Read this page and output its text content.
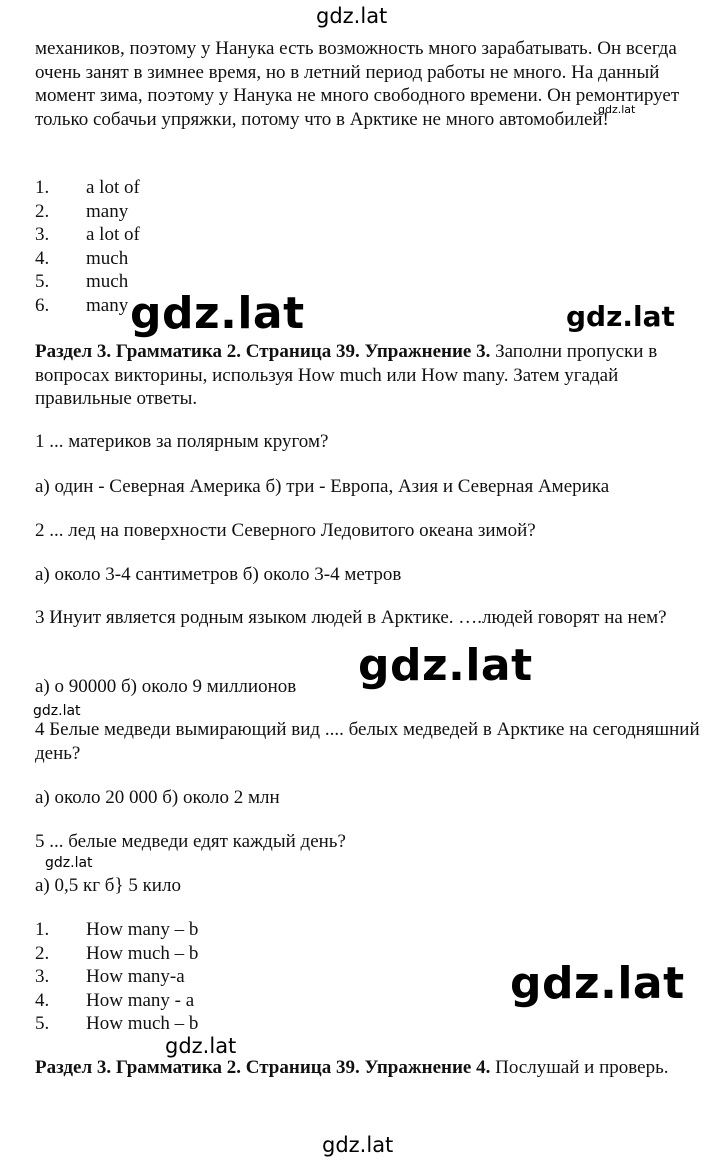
gdz.lat

механиков, поэтому у Нанука есть возможность много зарабатывать. Он всегда очень занят в зимнее время, но в летний период работы не много. На данный момент зима, поэтому у Нанука не много свободного времени. Он ремонтирует только собачьи упряжки, потому что в Арктике не много автомобилей!

gdz.lat
1.	a lot of
2.	many
3.	a lot of
4.	much
5.	much
6.	many gdz.lat	gdz.lat

Раздел 3. Грамматика 2. Страница 39. Упражнение 3. Заполни пропуски в вопросах викторины, используя How much или How many. Затем угадай правильные ответы.

1 ... материков за полярным кругом?

а) один - Северная Америка б) три - Европа, Азия и Северная Америка

2 ... лед на поверхности Северного Ледовитого океана зимой?

а) около 3-4 сантиметров б) около 3-4 метров

3 Инуит является родным языком людей в Арктике. ….людей говорят на нем?

а) о 90000 б) около 9 миллионов	gdz.lat
gdz.lat

4 Белые медведи вымирающий вид .... белых медведей в Арктике на сегодняшний день?

а) около 20 000 б) около 2 млн

5 ... белые медведи едят каждый день?

gdz.lat

а) 0,5 кг б} 5 кило

1.	How many – b
2.	How much – b
3.	How many-a
4.	How many - a
5.	How much – b
gdz.lat
gdz.lat

Раздел 3. Грамматика 2. Страница 39. Упражнение 4. Послушай и проверь.

gdz.lat
